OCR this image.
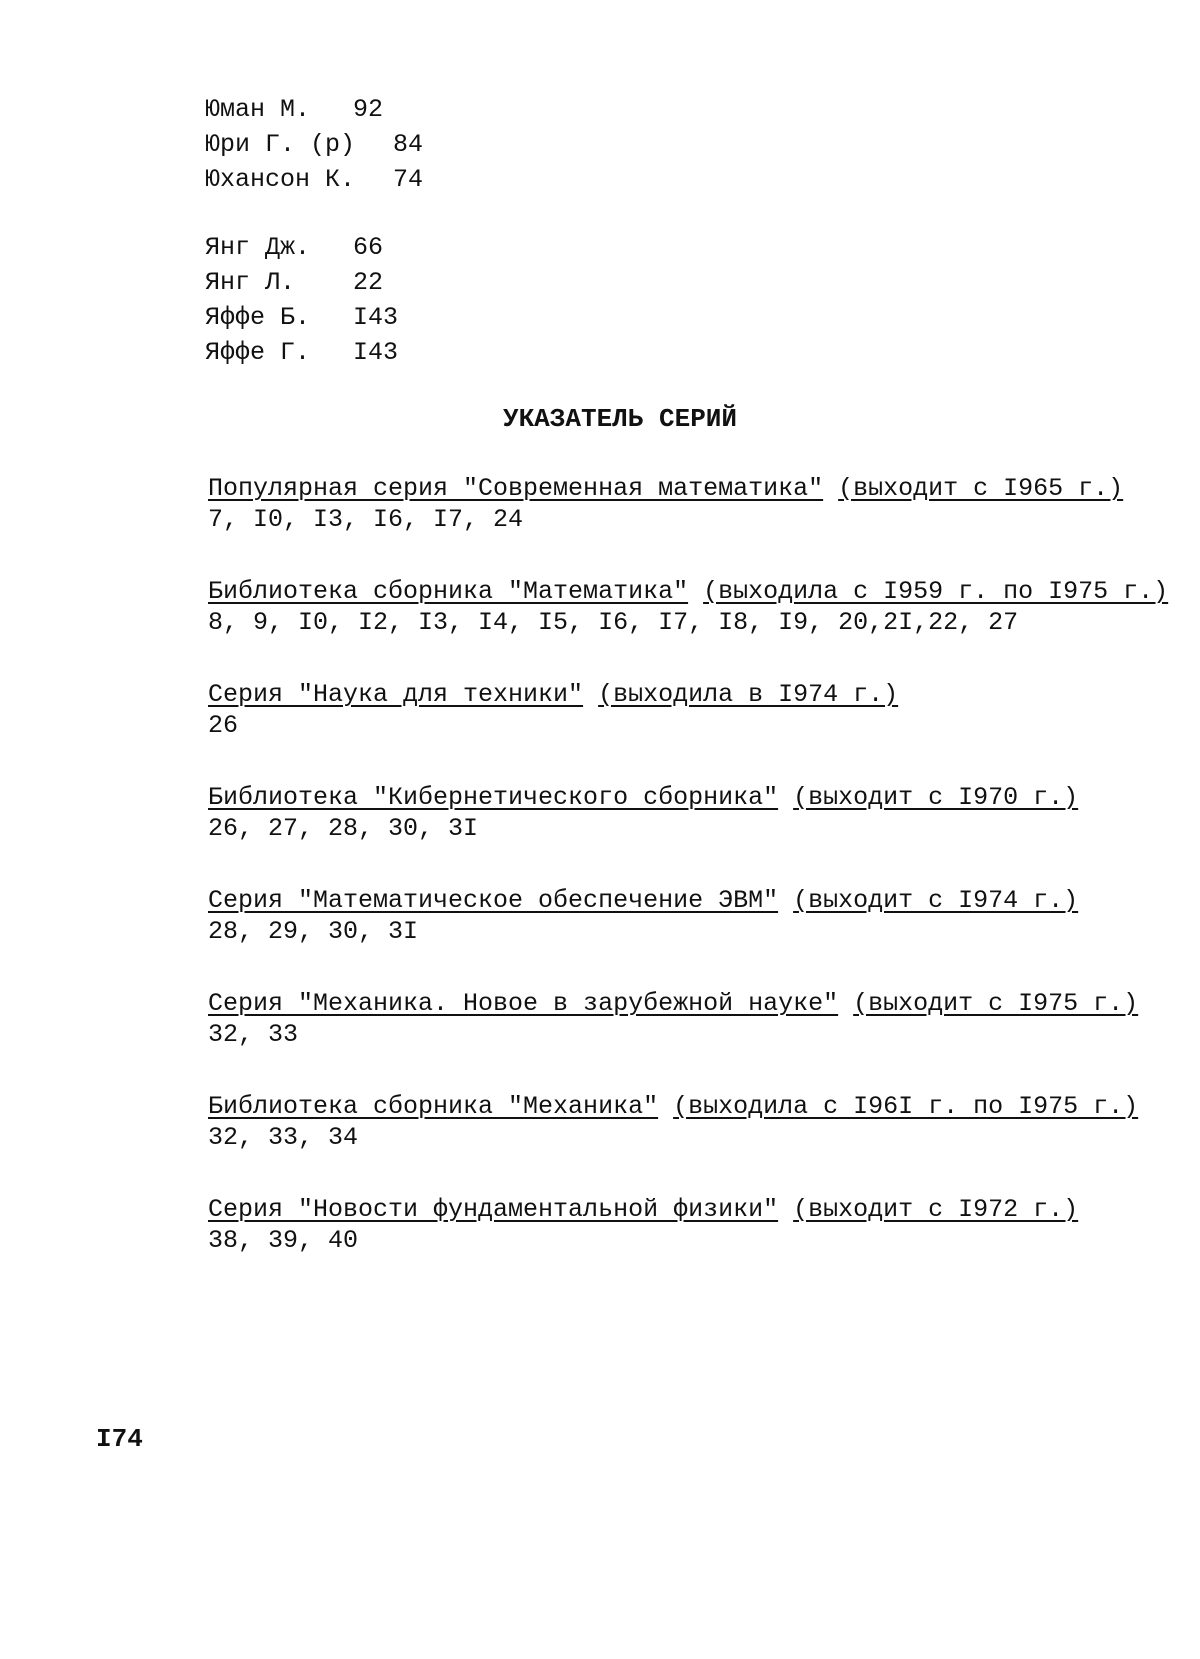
Юман М.	92
Юри Г. (р)	84
Юхансон К.	74
Янг Дж.	66
Янг Л.	22
Яффе Б.	I43
Яффе Г.	I43
УКАЗАТЕЛЬ СЕРИЙ
Популярная серия "Современная математика" (выходит с I965 г.)
7, I0, I3, I6, I7, 24
Библиотека сборника "Математика" (выходила с I959 г. по I975 г.)
8, 9, I0, I2, I3, I4, I5, I6, I7, I8, I9, 20,2I,22, 27
Серия "Наука для техники" (выходила в I974 г.)
26
Библиотека "Кибернетического сборника" (выходит с I970 г.)
26, 27, 28, 30, 3I
Серия "Математическое обеспечение ЭВМ" (выходит с I974 г.)
28, 29, 30, 3I
Серия "Механика. Новое в зарубежной науке" (выходит с I975 г.)
32, 33
Библиотека сборника "Механика" (выходила с I96I г. по I975 г.)
32, 33, 34
Серия "Новости фундаментальной физики" (выходит с I972 г.)
38, 39, 40
I74
